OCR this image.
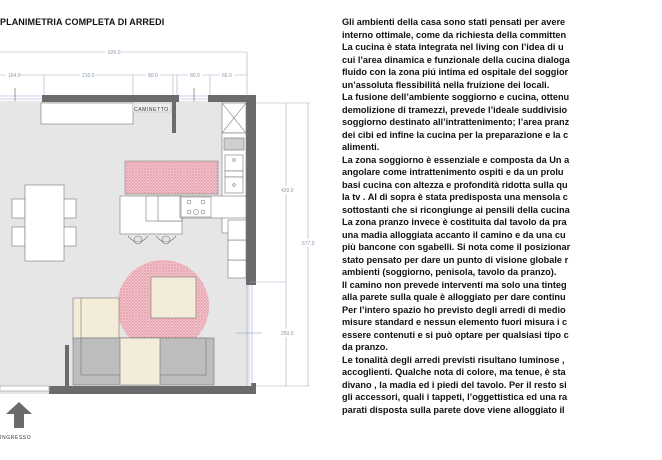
PLANIMETRIA COMPLETA DI ARREDI
626.0
164.0	210.0	80.0	80.0	66.0
420.0
250.0
677.0
CAMINETTO
INGRESSO

Gli ambienti della casa sono stati pensati per avere

interno ottimale, come da richiesta della committen

La cucina è stata integrata nel living con l’idea di u

cui l’area dinamica e funzionale della cucina dialoga

fluido con la zona piú intima ed ospitale del soggior

un’assoluta flessibilitá nella fruizione dei locali.

La fusione dell’ambiente soggiorno e cucina, ottenu

demolizione di tramezzi, prevede l’ideale suddivisio

soggiorno destinato all’intrattenimento; l’area pranz

dei cibi ed infine la cucina per la preparazione e la c

alimenti.

La zona soggiorno è essenziale e composta da Un a

angolare come intrattenimento ospiti e da un prolu

basi cucina con altezza e profondità ridotta sulla qu

la tv . Al di sopra è stata predisposta una mensola c

sottostanti che si ricongiunge ai pensili della cucina

La zona pranzo invece è costituita dal tavolo da pra

una madia alloggiata accanto il camino e da una cu

più bancone con sgabelli. Si nota come il posizionar

stato pensato per dare un punto di visione globale r

ambienti (soggiorno, penisola, tavolo da pranzo).

Il camino non prevede interventi ma solo una tinteg

alla parete sulla quale è alloggiato per dare continu

Per l’intero spazio ho previsto degli arredi di medio

misure standard e nessun elemento fuori misura i c

essere contenuti e si può optare per qualsiasi tipo c

da pranzo.

Le tonalità degli arredi previsti risultano luminose ,

accoglienti. Qualche nota di colore, ma tenue, è sta

divano , la madia ed i piedi del tavolo. Per il resto si

gli accessori, quali i tappeti, l’oggettistica ed una ra

parati disposta sulla parete dove viene alloggiato il
